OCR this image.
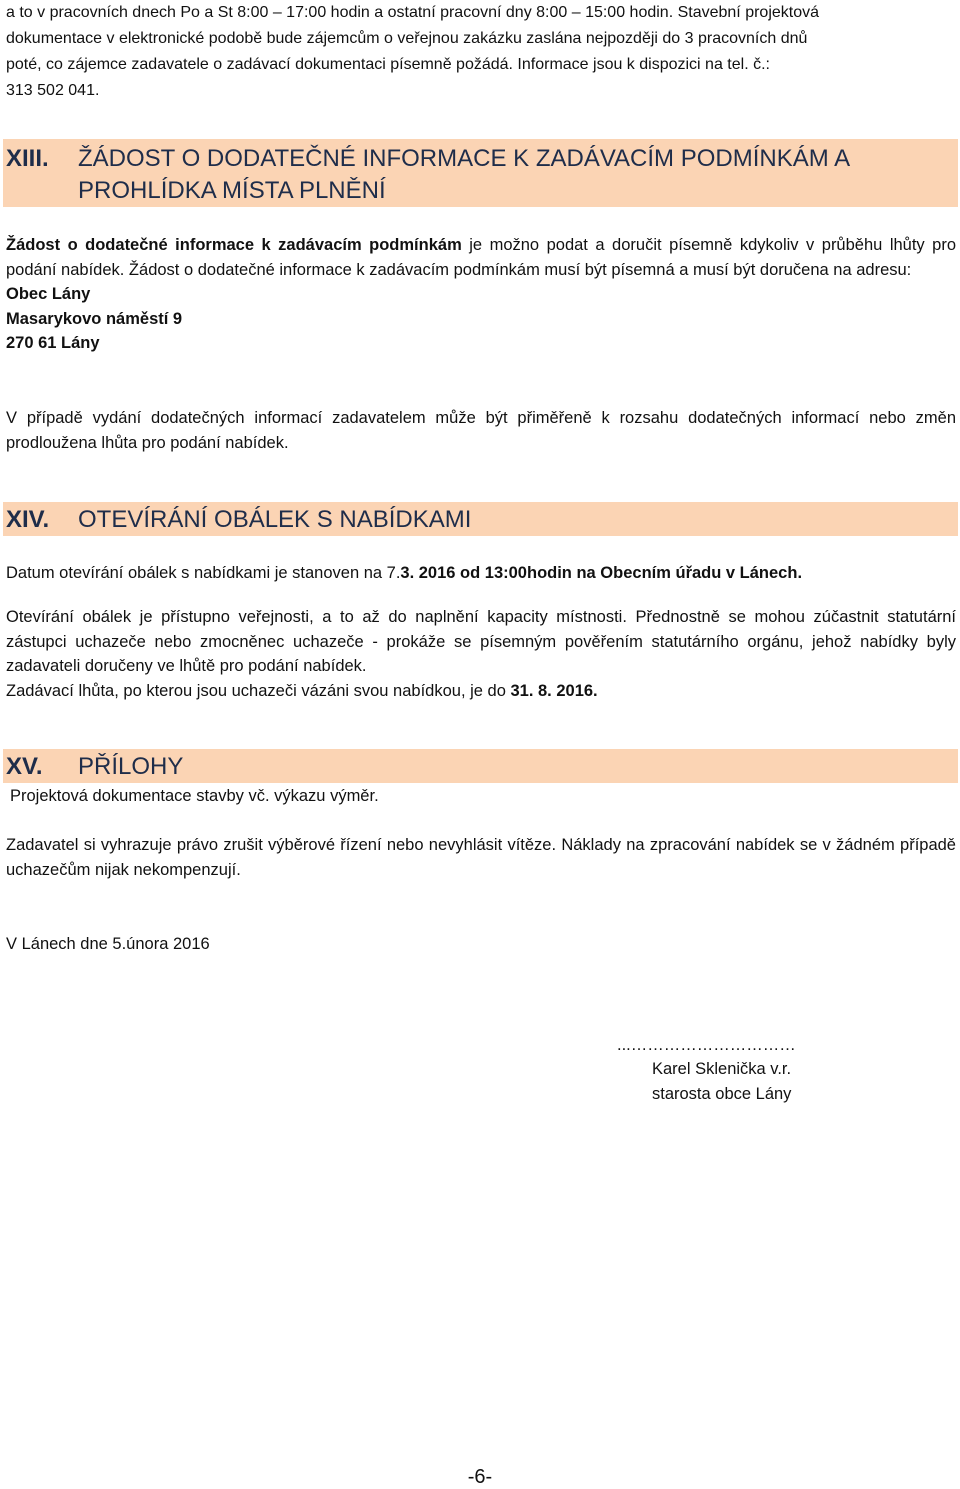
a to v pracovních dnech Po a St 8:00 – 17:00 hodin a ostatní pracovní dny 8:00 – 15:00 hodin. Stavební projektová
dokumentace v elektronické podobě bude zájemcům o veřejnou zakázku zaslána nejpozději do 3 pracovních dnů
poté, co zájemce zadavatele o zadávací dokumentaci písemně požádá. Informace jsou k dispozici na tel. č.:
313 502 041.
XIII. ŽÁDOST O DODATEČNÉ INFORMACE K ZADÁVACÍM PODMÍNKÁM A
PROHLÍDKA MÍSTA PLNĚNÍ

Žádost o dodatečné informace k zadávacím podmínkám je možno podat a doručit písemně kdykoliv v průběhu lhůty pro podání nabídek. Žádost o dodatečné informace k zadávacím podmínkám musí být písemná a musí být doručena na adresu:

Obec Lány

Masarykovo náměstí 9

270 61 Lány

V případě vydání dodatečných informací zadavatelem může být přiměřeně k rozsahu dodatečných informací nebo změn prodloužena lhůta pro podání nabídek.

XIV. OTEVÍRÁNÍ OBÁLEK S NABÍDKAMI

Datum otevírání obálek s nabídkami je stanoven na 7.3. 2016 od 13:00hodin na Obecním úřadu v Lánech.

Otevírání obálek je přístupno veřejnosti, a to až do naplnění kapacity místnosti. Přednostně se mohou zúčastnit statutární zástupci uchazeče nebo zmocněnec uchazeče - prokáže se písemným pověřením statutárního orgánu, jehož nabídky byly zadavateli doručeny ve lhůtě pro podání nabídek.

Zadávací lhůta, po kterou jsou uchazeči vázáni svou nabídkou, je do 31. 8. 2016.

XV. PŘÍLOHY

Projektová dokumentace stavby vč. výkazu výměr.

Zadavatel si vyhrazuje právo zrušit výběrové řízení nebo nevyhlásit vítěze. Náklady na zpracování nabídek se v žádném případě uchazečům nijak nekompenzují.

V Lánech dne 5.února 2016

...…………………………
Karel Sklenička v.r.
starosta obce Lány
-6-
